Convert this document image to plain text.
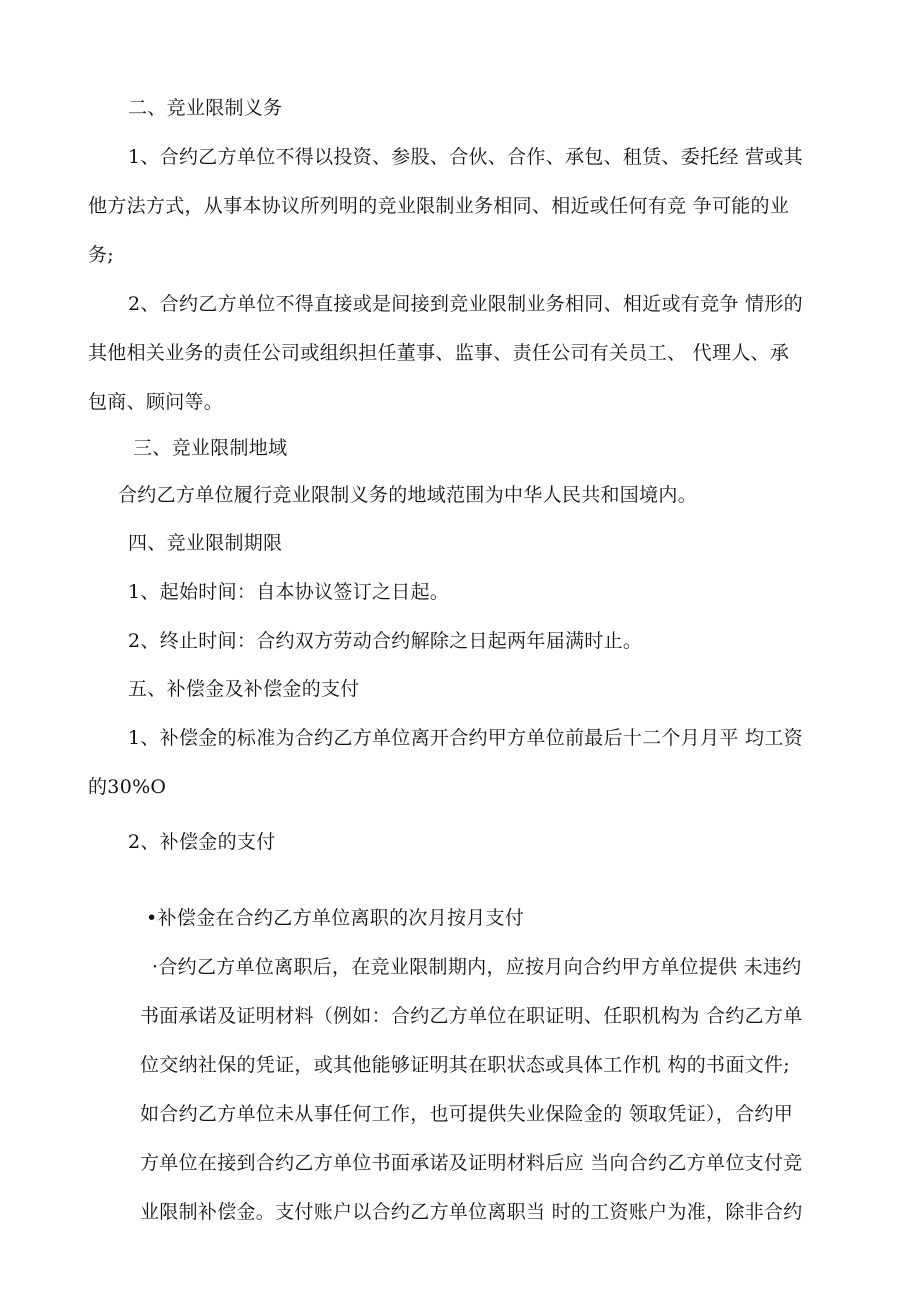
二、竞业限制义务
1、合约乙方单位不得以投资、参股、合伙、合作、承包、租赁、委托经 营或其
他方法方式，从事本协议所列明的竞业限制业务相同、相近或任何有竞 争可能的业
务;
2、合约乙方单位不得直接或是间接到竞业限制业务相同、相近或有竞争 情形的
其他相关业务的责任公司或组织担任董事、监事、责任公司有关员工、 代理人、承
包商、顾问等。
三、竞业限制地域
合约乙方单位履行竞业限制义务的地域范围为中华人民共和国境内。
四、竞业限制期限
1、起始时间：自本协议签订之日起。
2、终止时间：合约双方劳动合约解除之日起两年届满时止。
五、补偿金及补偿金的支付
1、补偿金的标准为合约乙方单位离开合约甲方单位前最后十二个月月平 均工资
的30%O
2、补偿金的支付
•补偿金在合约乙方单位离职的次月按月支付
·合约乙方单位离职后，在竞业限制期内，应按月向合约甲方单位提供 未违约
书面承诺及证明材料（例如：合约乙方单位在职证明、任职机构为 合约乙方单
位交纳社保的凭证，或其他能够证明其在职状态或具体工作机 构的书面文件;
如合约乙方单位未从事任何工作，也可提供失业保险金的 领取凭证），合约甲
方单位在接到合约乙方单位书面承诺及证明材料后应 当向合约乙方单位支付竞
业限制补偿金。支付账户以合约乙方单位离职当 时的工资账户为准，除非合约
